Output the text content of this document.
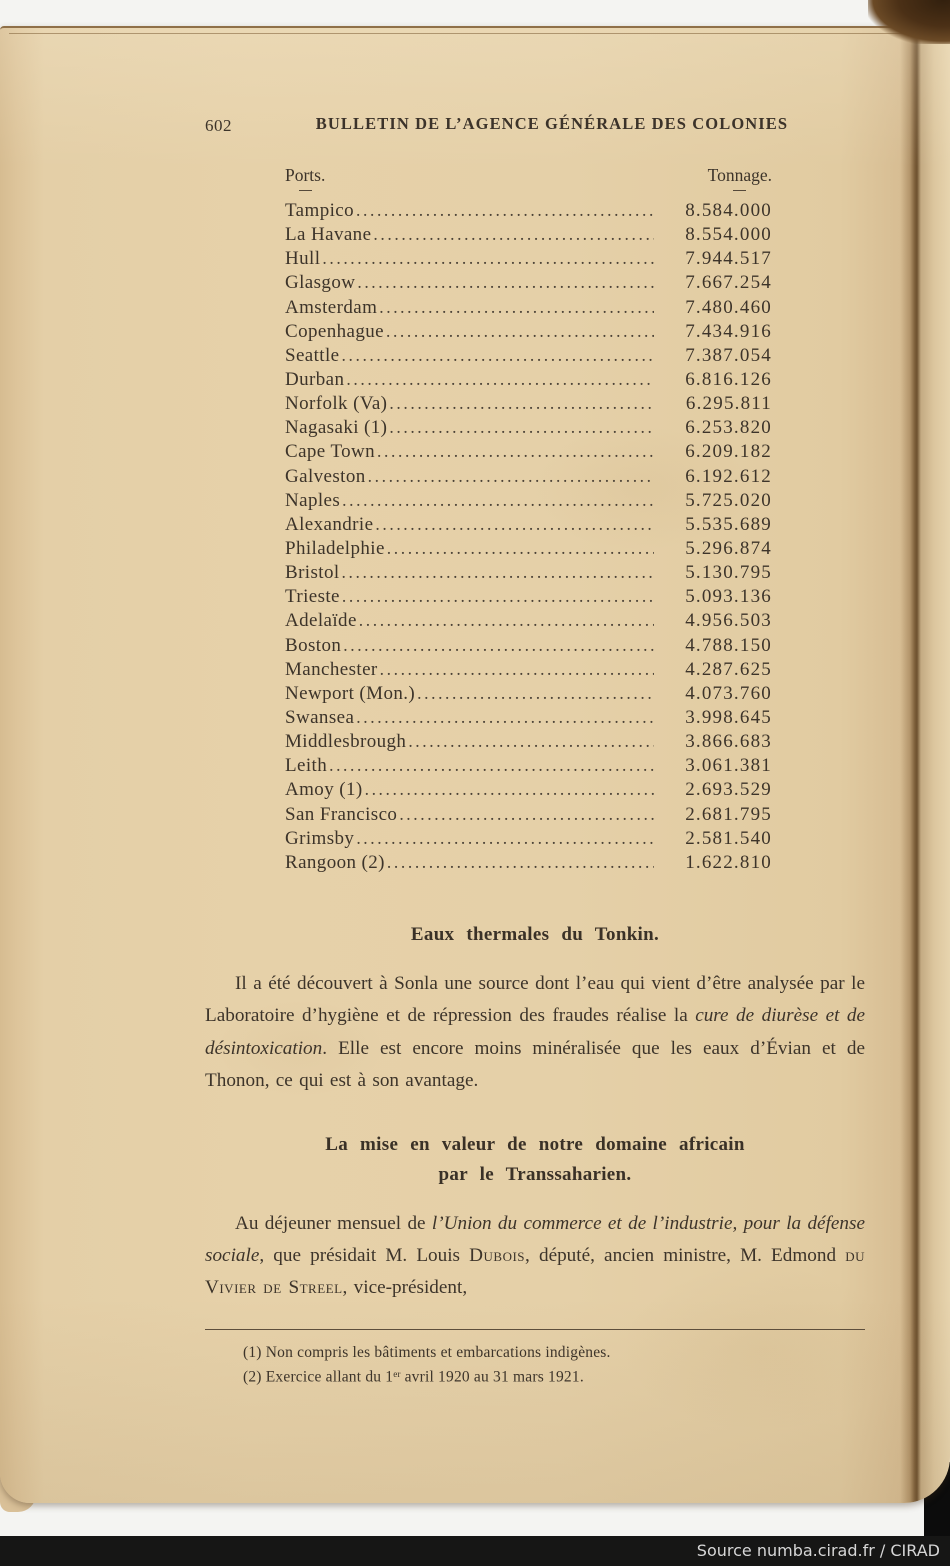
602	BULLETIN DE L’AGENCE GÉNÉRALE DES COLONIES
Ports.	Tonnage.
Tampico .....	8.584.000
La Havane .....	8.554.000
Hull .....	7.944.517
Glasgow .....	7.667.254
Amsterdam .....	7.480.460
Copenhague .....	7.434.916
Seattle .....	7.387.054
Durban .....	6.816.126
Norfolk (Va) .....	6.295.811
Nagasaki (1) .....	6.253.820
Cape Town .....	6.209.182
Galveston .....	6.192.612
Naples .....	5.725.020
Alexandrie .....	5.535.689
Philadelphie .....	5.296.874
Bristol .....	5.130.795
Trieste .....	5.093.136
Adelaïde .....	4.956.503
Boston .....	4.788.150
Manchester .....	4.287.625
Newport (Mon.) .....	4.073.760
Swansea .....	3.998.645
Middlesbrough .....	3.866.683
Leith .....	3.061.381
Amoy (1) .....	2.693.529
San Francisco .....	2.681.795
Grimsby .....	2.581.540
Rangoon (2) .....	1.622.810
Eaux thermales du Tonkin.
Il a été découvert à Sonla une source dont l’eau qui vient d’être analysée par le Laboratoire d’hygiène et de répression des fraudes réalise la cure de diurèse et de désintoxication. Elle est encore moins minéralisée que les eaux d’Évian et de Thonon, ce qui est à son avantage.
La mise en valeur de notre domaine africain
par le Transsaharien.
Au déjeuner mensuel de l’Union du commerce et de l’industrie, pour la défense sociale, que présidait M. Louis Dubois, député, ancien ministre, M. Edmond du Vivier de Streel, vice-président,
(1) Non compris les bâtiments et embarcations indigènes.
(2) Exercice allant du 1er avril 1920 au 31 mars 1921.
Source numba.cirad.fr / CIRAD
